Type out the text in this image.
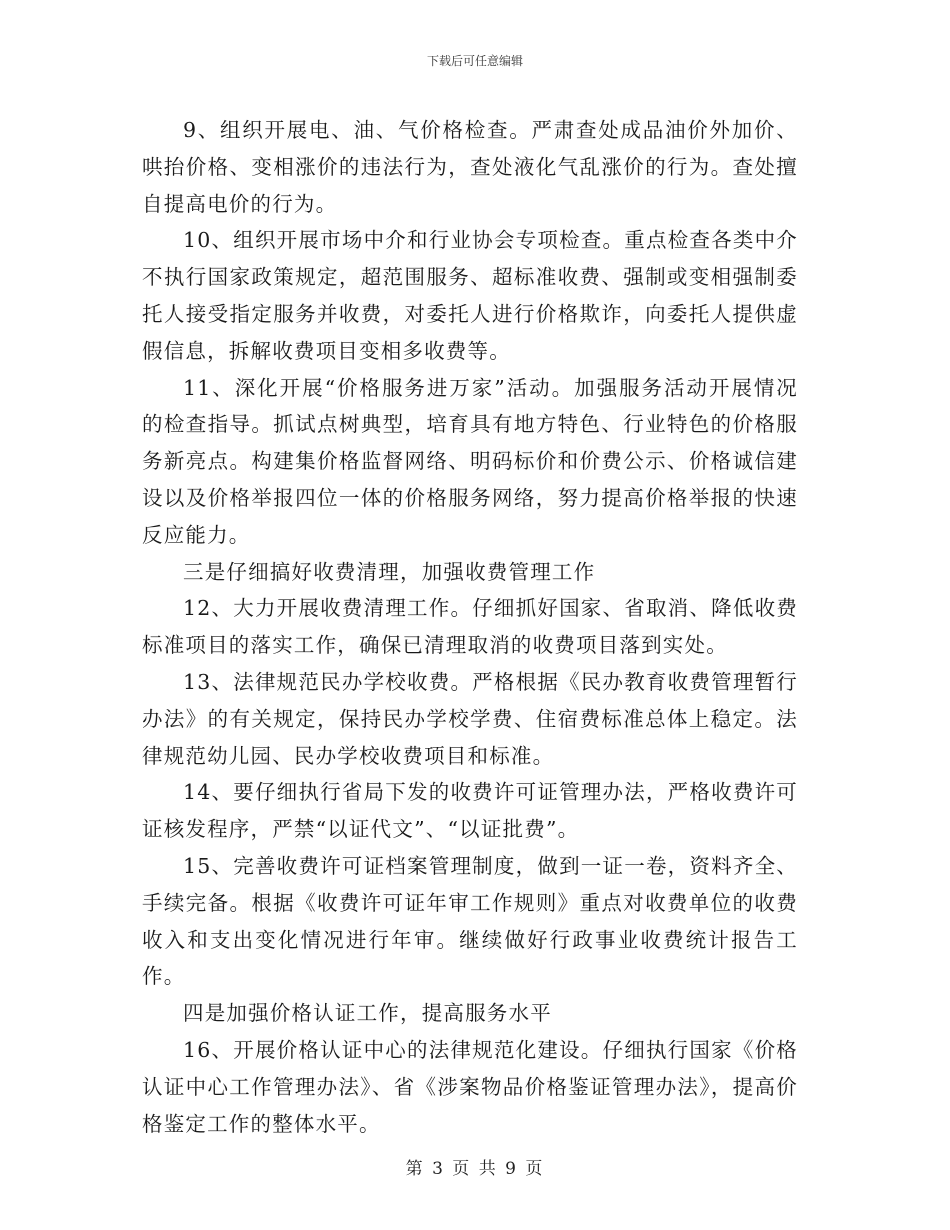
下载后可任意编辑

9、组织开展电、油、气价格检查。严肃查处成品油价外加价、哄抬价格、变相涨价的违法行为，查处液化气乱涨价的行为。查处擅自提高电价的行为。

10、组织开展市场中介和行业协会专项检查。重点检查各类中介不执行国家政策规定，超范围服务、超标准收费、强制或变相强制委托人接受指定服务并收费，对委托人进行价格欺诈，向委托人提供虚假信息，拆解收费项目变相多收费等。

11、深化开展“价格服务进万家”活动。加强服务活动开展情况的检查指导。抓试点树典型，培育具有地方特色、行业特色的价格服务新亮点。构建集价格监督网络、明码标价和价费公示、价格诚信建设以及价格举报四位一体的价格服务网络，努力提高价格举报的快速反应能力。

三是仔细搞好收费清理，加强收费管理工作

12、大力开展收费清理工作。仔细抓好国家、省取消、降低收费标准项目的落实工作，确保已清理取消的收费项目落到实处。

13、法律规范民办学校收费。严格根据《民办教育收费管理暂行办法》的有关规定，保持民办学校学费、住宿费标准总体上稳定。法律规范幼儿园、民办学校收费项目和标准。

14、要仔细执行省局下发的收费许可证管理办法，严格收费许可证核发程序，严禁“以证代文”、“以证批费”。

15、完善收费许可证档案管理制度，做到一证一卷，资料齐全、手续完备。根据《收费许可证年审工作规则》重点对收费单位的收费收入和支出变化情况进行年审。继续做好行政事业收费统计报告工作。

四是加强价格认证工作，提高服务水平

16、开展价格认证中心的法律规范化建设。仔细执行国家《价格认证中心工作管理办法》、省《涉案物品价格鉴证管理办法》，提高价格鉴定工作的整体水平。

第 3 页 共 9 页
